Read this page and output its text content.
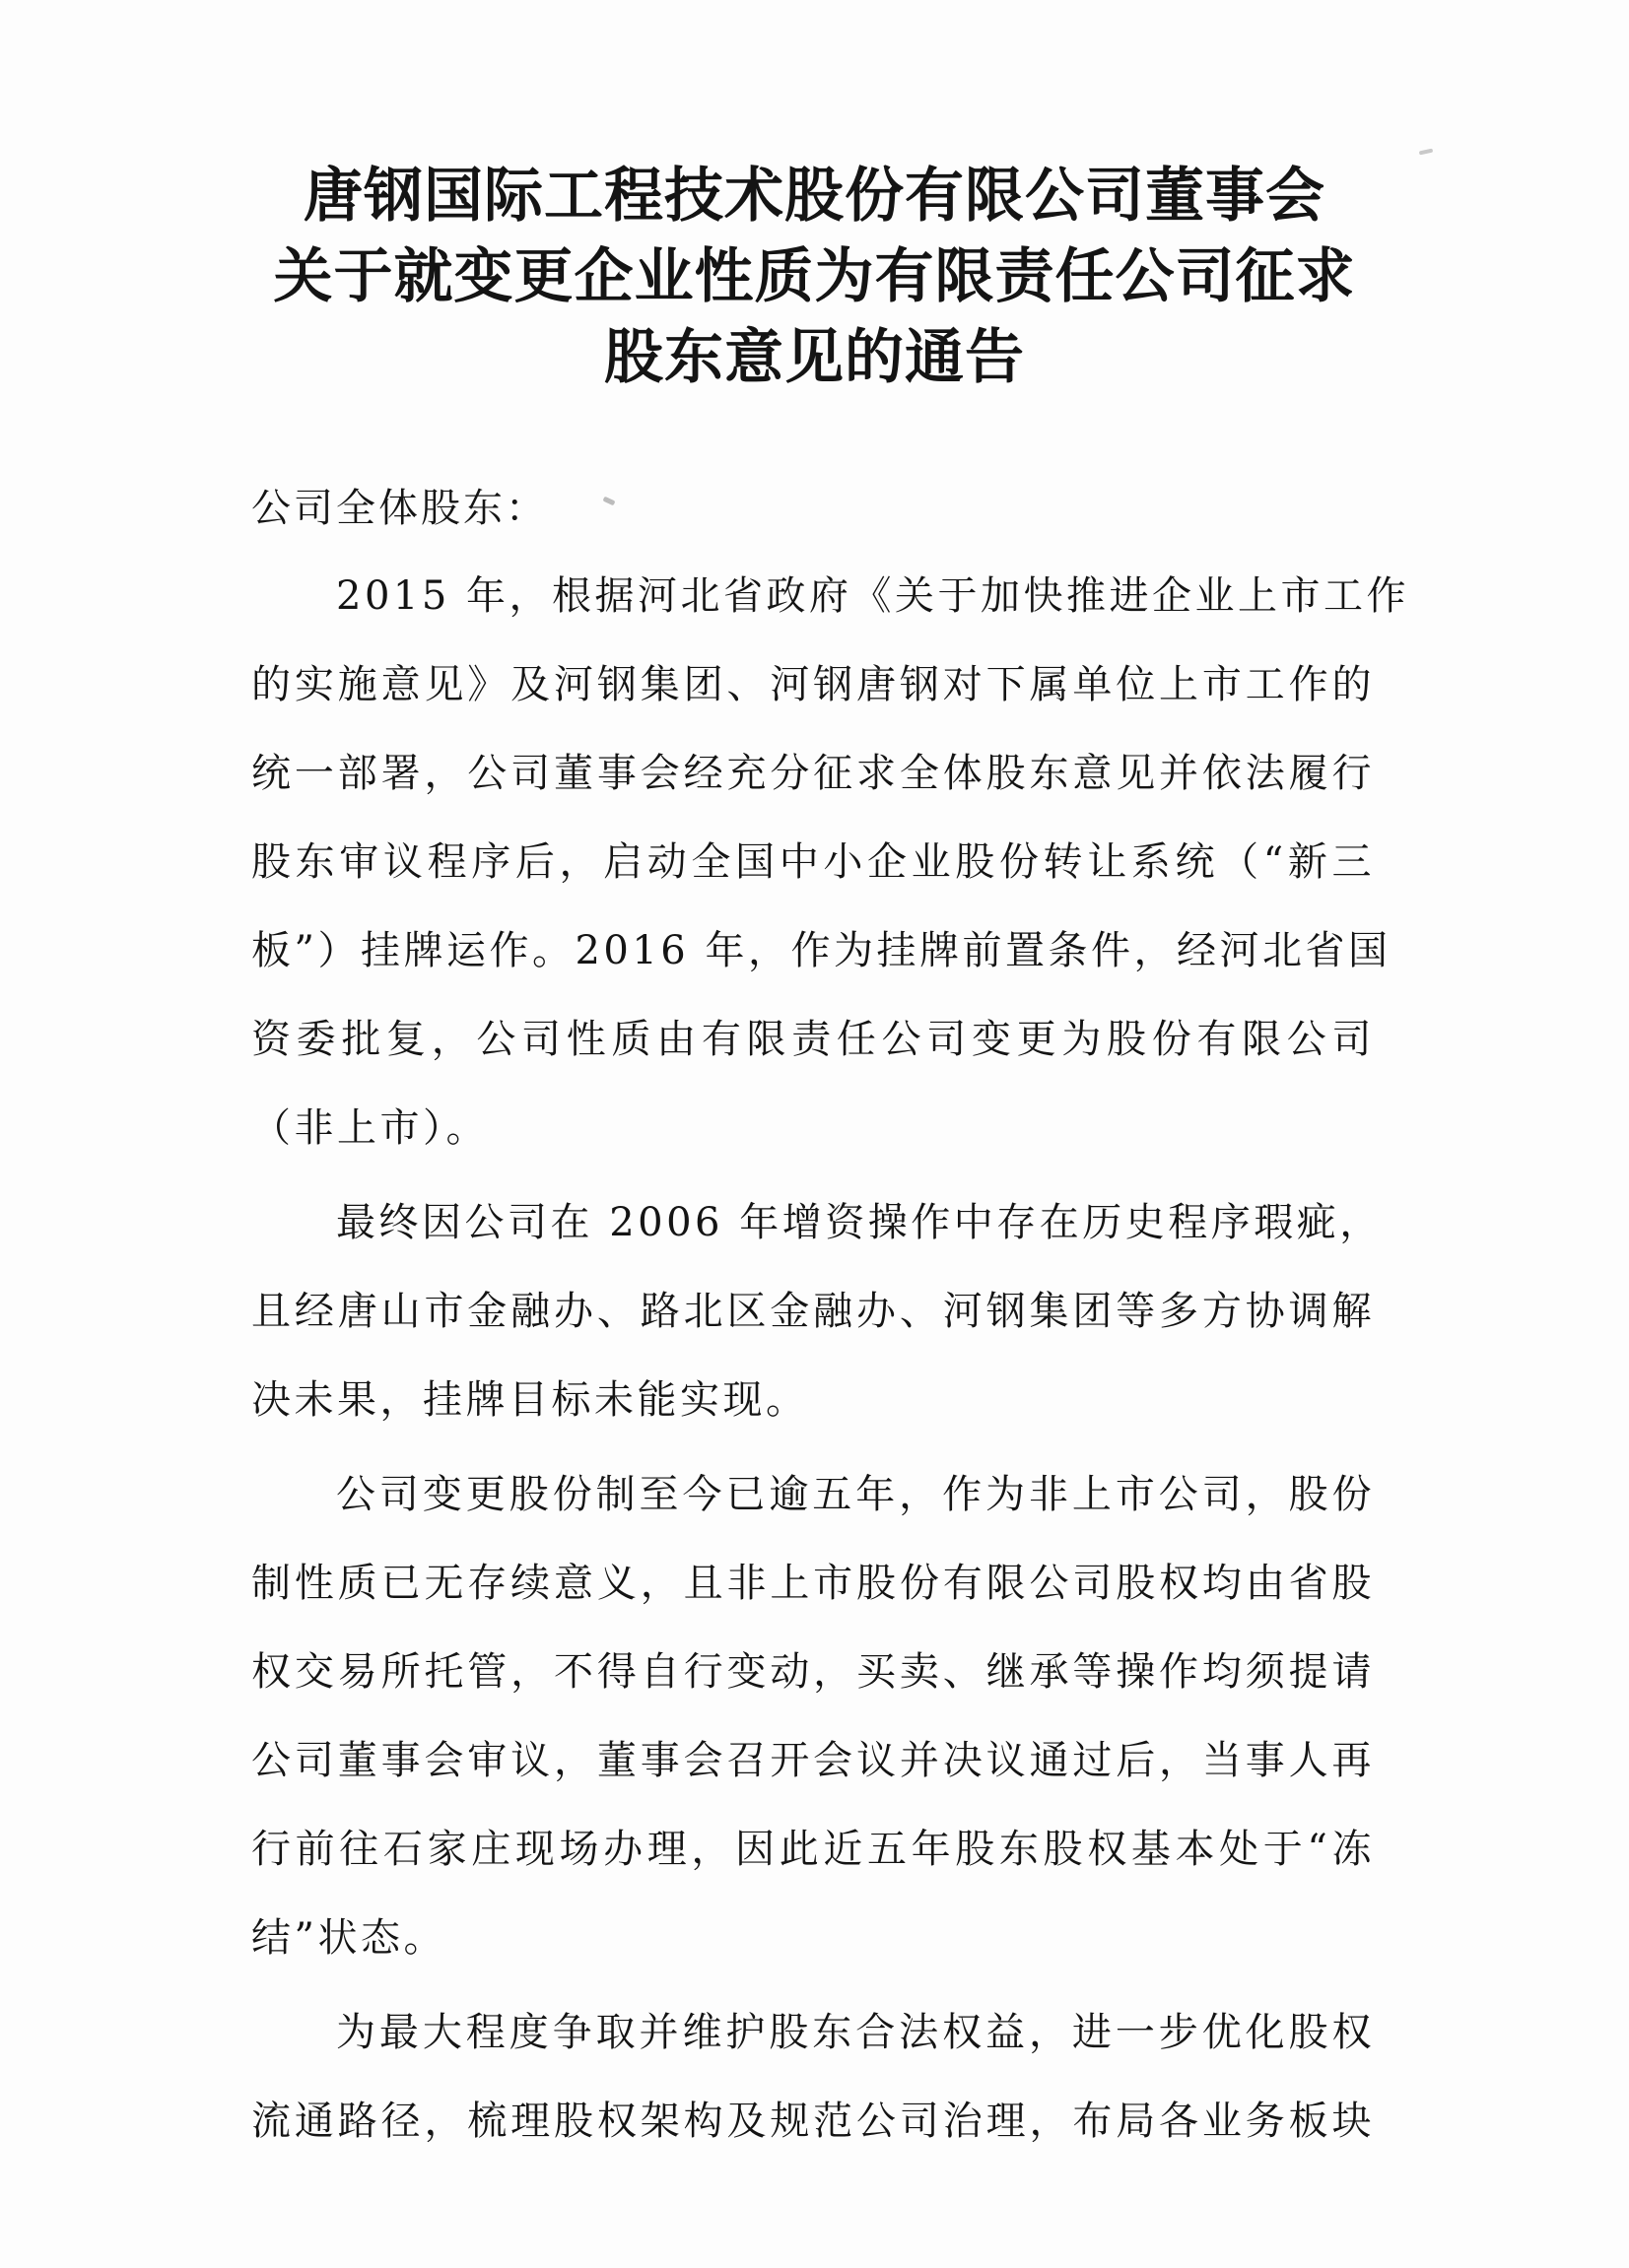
唐钢国际工程技术股份有限公司董事会
关于就变更企业性质为有限责任公司征求
股东意见的通告
公司全体股东：
2015 年，根据河北省政府《关于加快推进企业上市工作
的实施意见》及河钢集团、河钢唐钢对下属单位上市工作的
统一部署，公司董事会经充分征求全体股东意见并依法履行
股东审议程序后，启动全国中小企业股份转让系统（“新三
板”）挂牌运作。2016 年，作为挂牌前置条件，经河北省国
资委批复，公司性质由有限责任公司变更为股份有限公司
（非上市）。
最终因公司在 2006 年增资操作中存在历史程序瑕疵，
且经唐山市金融办、路北区金融办、河钢集团等多方协调解
决未果，挂牌目标未能实现。
公司变更股份制至今已逾五年，作为非上市公司，股份
制性质已无存续意义，且非上市股份有限公司股权均由省股
权交易所托管，不得自行变动，买卖、继承等操作均须提请
公司董事会审议，董事会召开会议并决议通过后，当事人再
行前往石家庄现场办理，因此近五年股东股权基本处于“冻
结”状态。
为最大程度争取并维护股东合法权益，进一步优化股权
流通路径，梳理股权架构及规范公司治理，布局各业务板块
